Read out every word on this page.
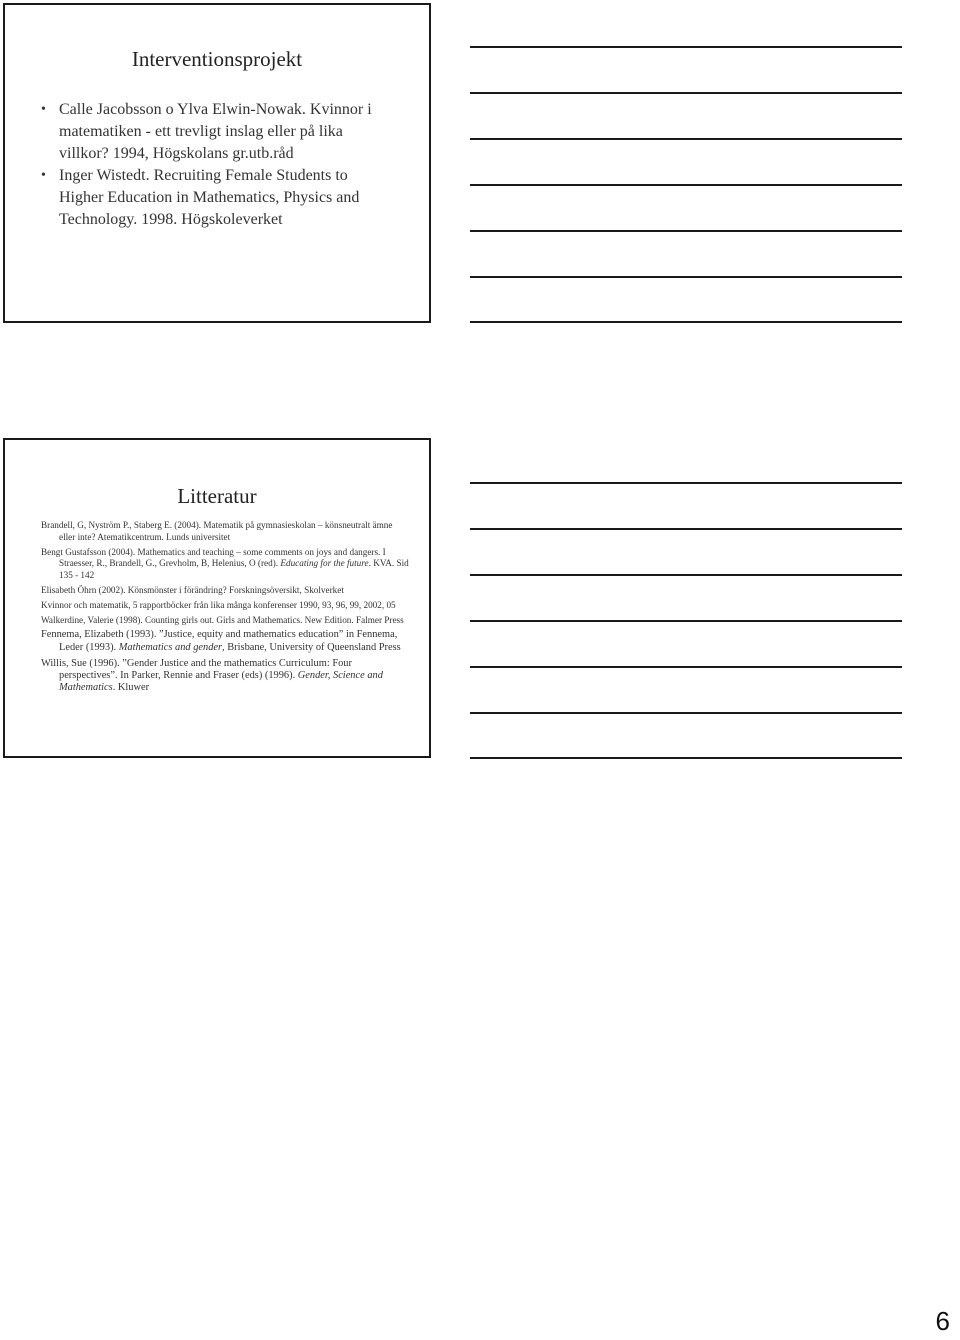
Interventionsprojekt
• Calle Jacobsson o Ylva Elwin-Nowak. Kvinnor i matematiken - ett trevligt inslag eller på lika villkor? 1994, Högskolans gr.utb.råd
• Inger Wistedt. Recruiting Female Students to Higher Education in Mathematics, Physics and Technology. 1998. Högskoleverket
Litteratur

Brandell, G, Nyström P., Staberg E. (2004). Matematik på gymnasieskolan – könsneutralt ämne eller inte? Atematikcentrum. Lunds universitet

Bengt Gustafsson (2004). Mathematics and teaching – some comments on joys and dangers. I Straesser, R., Brandell, G., Grevholm, B, Helenius, O (red). Educating for the future. KVA. Sid 135 - 142

Elisabeth Öhrn (2002). Könsmönster i förändring? Forskningsöversikt, Skolverket

Kvinnor och matematik, 5 rapportböcker från lika många konferenser 1990, 93, 96, 99, 2002, 05

Walkerdine, Valerie (1998). Counting girls out. Girls and Mathematics. New Edition. Falmer Press

Fennema, Elizabeth (1993). ”Justice, equity and mathematics education” in Fennema, Leder (1993). Mathematics and gender, Brisbane, University of Queensland Press

Willis, Sue (1996). ”Gender Justice and the mathematics Curriculum: Four perspectives”. In Parker, Rennie and Fraser (eds) (1996). Gender, Science and Mathematics. Kluwer

6
